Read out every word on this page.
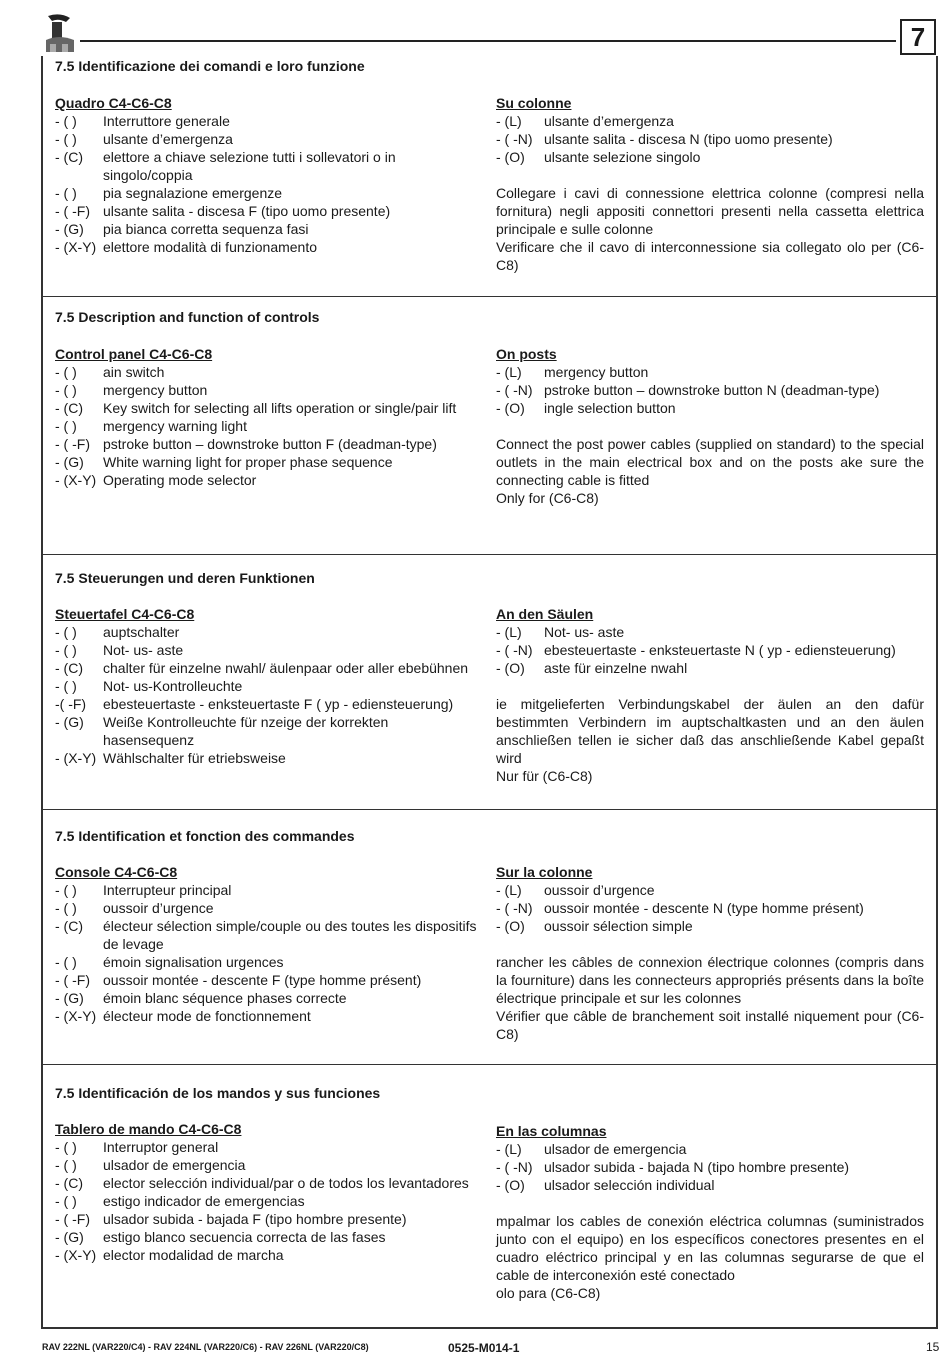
7
7.5 Identificazione dei comandi e loro funzione
Quadro C4-C6-C8
- ( )	Interruttore generale
- ( )	ulsante d’emergenza
- (C)	elettore a chiave selezione tutti i sollevatori o in singolo/coppia
- ( )	pia segnalazione emergenze
- ( -F) ulsante salita - discesa F (tipo uomo presente)
- (G)	pia bianca corretta sequenza fasi
- (X-Y) elettore modalità di funzionamento
Su colonne
- (L)	ulsante d’emergenza
- ( -N) ulsante salita - discesa N (tipo uomo presente)
- (O)	ulsante selezione singolo

Collegare i cavi di connessione elettrica colonne (compresi nella fornitura) negli appositi connettori presenti nella cassetta elettrica principale e sulle colonne

Verificare che il cavo di interconnessione sia collegato olo per (C6-C8)

7.5 Description and function of controls
Control panel C4-C6-C8
- ( )	ain switch
- ( )	mergency button
- (C)	Key switch for selecting all lifts operation or single/pair lift
- ( )	mergency warning light
- ( -F) pstroke button – downstroke button F (deadman-type)
- (G)	White warning light for proper phase sequence
- (X-Y) Operating mode selector
On posts
- (L)	mergency button
- ( -N) pstroke button – downstroke button N (deadman-type)
- (O)	ingle selection button

Connect the post power cables (supplied on standard) to the special outlets in the main electrical box and on the posts ake sure the connecting cable is fitted

Only for (C6-C8)

7.5 Steuerungen und deren Funktionen
Steuertafel C4-C6-C8
- ( )	auptschalter
- ( )	Not- us- aste
- (C)	chalter für einzelne nwahl/ äulenpaar oder aller ebebühnen
- ( )	Not- us-Kontrolleuchte
-( -F)	ebesteuertaste - enksteuertaste F ( yp - ediensteuerung)
- (G)	Weiße Kontrolleuchte für nzeige der korrekten hasensequenz
- (X-Y) Wählschalter für etriebsweise
An den Säulen
- (L)	Not- us- aste
- ( -N) ebesteuertaste - enksteuertaste N ( yp - ediensteuerung)
- (O)	aste für einzelne nwahl

ie mitgelieferten Verbindungskabel der äulen an den dafür bestimmten Verbindern im auptschaltkasten und an den äulen anschließen tellen ie sicher daß das anschließende Kabel gepaßt wird

Nur für (C6-C8)

7.5 Identification et fonction des commandes
Console C4-C6-C8
- ( )	Interrupteur principal
- ( )	oussoir d’urgence
- (C)	électeur sélection simple/couple ou des toutes les dispositifs de levage
- ( )	émoin signalisation urgences
- ( -F) oussoir montée - descente F (type homme présent)
- (G)	émoin blanc séquence phases correcte
- (X-Y) électeur mode de fonctionnement
Sur la colonne
- (L)	oussoir d’urgence
- ( -N) oussoir montée - descente N (type homme présent)
- (O)	oussoir sélection simple

rancher les câbles de connexion électrique colonnes (compris dans la fourniture) dans les connecteurs appropriés présents dans la boîte électrique principale et sur les colonnes

Vérifier que câble de branchement soit installé niquement pour (C6-C8)

7.5 Identificación de los mandos y sus funciones
Tablero de mando C4-C6-C8
- ( )	Interruptor general
- ( )	ulsador de emergencia
- (C)	elector selección individual/par o de todos los levantadores
- ( )	estigo indicador de emergencias
- ( -F) ulsador subida - bajada F (tipo hombre presente)
- (G)	estigo blanco secuencia correcta de las fases
- (X-Y) elector modalidad de marcha
En las columnas
- (L)	ulsador de emergencia
- ( -N) ulsador subida - bajada N (tipo hombre presente)
- (O)	ulsador selección individual

mpalmar los cables de conexión eléctrica columnas (suministrados junto con el equipo) en los específicos conectores presentes en el cuadro eléctrico principal y en las columnas segurarse de que el cable de interconexión esté conectado

olo para (C6-C8)

RAV 222NL (VAR220/C4) - RAV 224NL (VAR220/C6) - RAV 226NL (VAR220/C8)	0525-M014-1	15
